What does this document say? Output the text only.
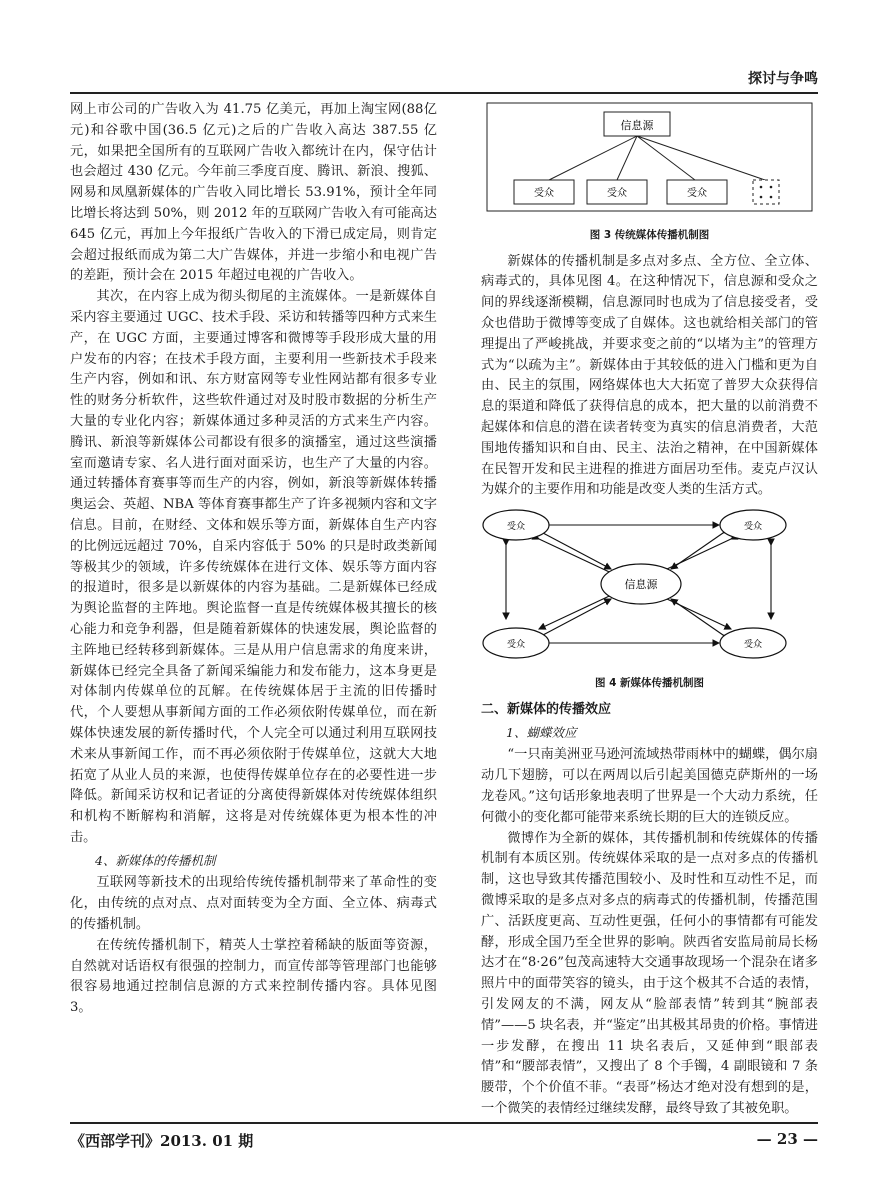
探讨与争鸣

网上市公司的广告收入为 41.75 亿美元，再加上淘宝网(88亿元)和谷歌中国(36.5 亿元)之后的广告收入高达 387.55 亿元，如果把全国所有的互联网广告收入都统计在内，保守估计也会超过 430 亿元。今年前三季度百度、腾讯、新浪、搜狐、网易和凤凰新媒体的广告收入同比增长 53.91%，预计全年同比增长将达到 50%，则 2012 年的互联网广告收入有可能高达 645 亿元，再加上今年报纸广告收入的下滑已成定局，则肯定会超过报纸而成为第二大广告媒体，并进一步缩小和电视广告的差距，预计会在 2015 年超过电视的广告收入。

其次，在内容上成为彻头彻尾的主流媒体。一是新媒体自采内容主要通过 UGC、技术手段、采访和转播等四种方式来生产，在 UGC 方面，主要通过博客和微博等手段形成大量的用户发布的内容；在技术手段方面，主要利用一些新技术手段来生产内容，例如和讯、东方财富网等专业性网站都有很多专业性的财务分析软件，这些软件通过对及时股市数据的分析生产大量的专业化内容；新媒体通过多种灵活的方式来生产内容。腾讯、新浪等新媒体公司都设有很多的演播室，通过这些演播室而邀请专家、名人进行面对面采访，也生产了大量的内容。通过转播体育赛事等而生产的内容，例如，新浪等新媒体转播奥运会、英超、NBA 等体育赛事都生产了许多视频内容和文字信息。目前，在财经、文体和娱乐等方面，新媒体自生产内容的比例远远超过 70%，自采内容低于 50% 的只是时政类新闻等极其少的领域，许多传统媒体在进行文体、娱乐等方面内容的报道时，很多是以新媒体的内容为基础。二是新媒体已经成为舆论监督的主阵地。舆论监督一直是传统媒体极其擅长的核心能力和竞争利器，但是随着新媒体的快速发展，舆论监督的主阵地已经转移到新媒体。三是从用户信息需求的角度来讲，新媒体已经完全具备了新闻采编能力和发布能力，这本身更是对体制内传媒单位的瓦解。在传统媒体居于主流的旧传播时代，个人要想从事新闻方面的工作必须依附传媒单位，而在新媒体快速发展的新传播时代，个人完全可以通过利用互联网技术来从事新闻工作，而不再必须依附于传媒单位，这就大大地拓宽了从业人员的来源，也使得传媒单位存在的必要性进一步降低。新闻采访权和记者证的分离使得新媒体对传统媒体组织和机构不断解构和消解，这将是对传统媒体更为根本性的冲击。

4、新媒体的传播机制

互联网等新技术的出现给传统传播机制带来了革命性的变化，由传统的点对点、点对面转变为全方面、全立体、病毒式的传播机制。

在传统传播机制下，精英人士掌控着稀缺的版面等资源，自然就对话语权有很强的控制力，而宣传部等管理部门也能够很容易地通过控制信息源的方式来控制传播内容。具体见图 3。

信息源
受众	受众	受众
图 3 传统媒体传播机制图

新媒体的传播机制是多点对多点、全方位、全立体、病毒式的，具体见图 4。在这种情况下，信息源和受众之间的界线逐渐模糊，信息源同时也成为了信息接受者，受众也借助于微博等变成了自媒体。这也就给相关部门的管理提出了严峻挑战，并要求变之前的“以堵为主”的管理方式为“以疏为主”。新媒体由于其较低的进入门槛和更为自由、民主的氛围，网络媒体也大大拓宽了普罗大众获得信息的渠道和降低了获得信息的成本，把大量的以前消费不起媒体和信息的潜在读者转变为真实的信息消费者，大范围地传播知识和自由、民主、法治之精神，在中国新媒体在民智开发和民主进程的推进方面居功至伟。麦克卢汉认为媒介的主要作用和功能是改变人类的生活方式。

受众	受众
信息源
受众	受众
图 4 新媒体传播机制图
二、新媒体的传播效应
1、蝴蝶效应

“一只南美洲亚马逊河流域热带雨林中的蝴蝶，偶尔扇动几下翅膀，可以在两周以后引起美国德克萨斯州的一场龙卷风。”这句话形象地表明了世界是一个大动力系统，任何微小的变化都可能带来系统长期的巨大的连锁反应。

微博作为全新的媒体，其传播机制和传统媒体的传播机制有本质区别。传统媒体采取的是一点对多点的传播机制，这也导致其传播范围较小、及时性和互动性不足，而微博采取的是多点对多点的病毒式的传播机制，传播范围广、活跃度更高、互动性更强，任何小的事情都有可能发酵，形成全国乃至全世界的影响。陕西省安监局前局长杨达才在“8·26”包茂高速特大交通事故现场一个混杂在诸多照片中的面带笑容的镜头，由于这个极其不合适的表情，引发网友的不满，网友从“脸部表情”转到其“腕部表情”——5 块名表，并“鉴定”出其极其昂贵的价格。事情进一步发酵，在搜出 11 块名表后，又延伸到“眼部表情”和“腰部表情”，又搜出了 8 个手镯，4 副眼镜和 7 条腰带，个个价值不菲。“表哥”杨达才绝对没有想到的是，一个微笑的表情经过继续发酵，最终导致了其被免职。

《西部学刊》2013. 01 期	— 23 —
